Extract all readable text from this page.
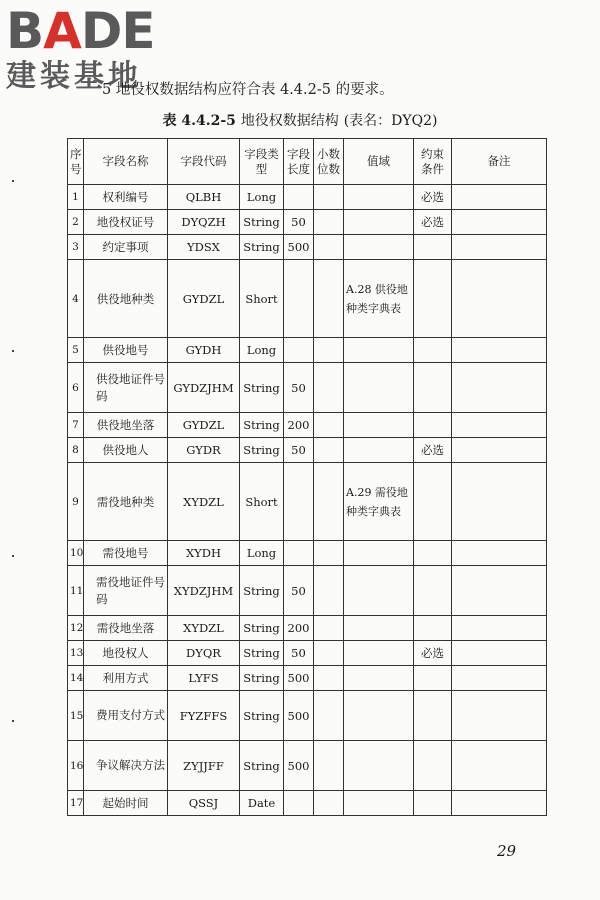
BADE
建装基地
5 地役权数据结构应符合表 4.4.2-5 的要求。
表 4.4.2-5 地役权数据结构 (表名：DYQ2)
序号	字段名称	字段代码	字段类型	字段长度	小数位数	值域	约束条件	备注
1	权利编号	QLBH	Long				必选	
2	地役权证号	DYQZH	String	50			必选	
3	约定事项	YDSX	String	500				
4	供役地种类	GYDZL	Short			A.28 供役地种类字典表		
5	供役地号	GYDH	Long					
6	供役地证件号码	GYDZJHM	String	50				
7	供役地坐落	GYDZL	String	200				
8	供役地人	GYDR	String	50			必选	
9	需役地种类	XYDZL	Short			A.29 需役地种类字典表		
10	需役地号	XYDH	Long					
11	需役地证件号码	XYDZJHM	String	50				
12	需役地坐落	XYDZL	String	200				
13	地役权人	DYQR	String	50			必选	
14	利用方式	LYFS	String	500				
15	费用支付方式	FYZFFS	String	500				
16	争议解决方法	ZYJJFF	String	500				
17	起始时间	QSSJ	Date					
29
